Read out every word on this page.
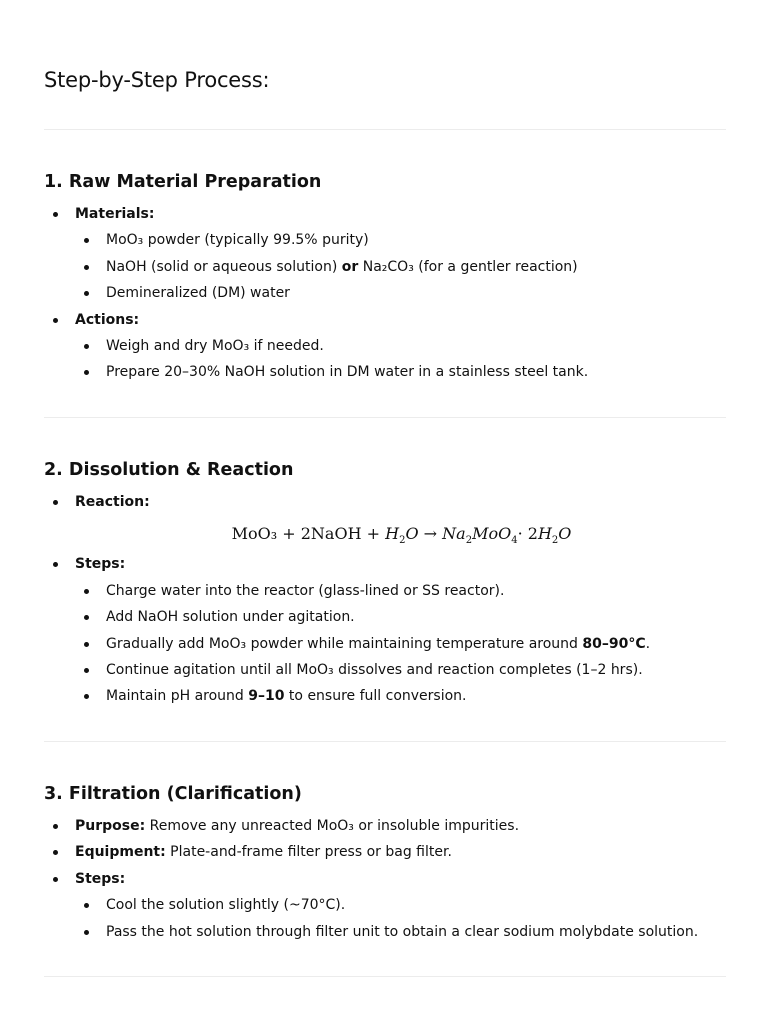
Step-by-Step Process:
1. Raw Material Preparation
Materials:
MoO₃ powder (typically 99.5% purity)
NaOH (solid or aqueous solution) or Na₂CO₃ (for a gentler reaction)
Demineralized (DM) water
Actions:
Weigh and dry MoO₃ if needed.
Prepare 20–30% NaOH solution in DM water in a stainless steel tank.
2. Dissolution & Reaction
Reaction:
MoO₃ + 2NaOH + $H_2O \to Na_2MoO_4\cdot 2H_2O$
Steps:
Charge water into the reactor (glass-lined or SS reactor).
Add NaOH solution under agitation.
Gradually add MoO₃ powder while maintaining temperature around 80–90°C.
Continue agitation until all MoO₃ dissolves and reaction completes (1–2 hrs).
Maintain pH around 9–10 to ensure full conversion.
3. Filtration (Clarification)
Purpose: Remove any unreacted MoO₃ or insoluble impurities.
Equipment: Plate-and-frame filter press or bag filter.
Steps:
Cool the solution slightly (~70°C).
Pass the hot solution through filter unit to obtain a clear sodium molybdate solution.
